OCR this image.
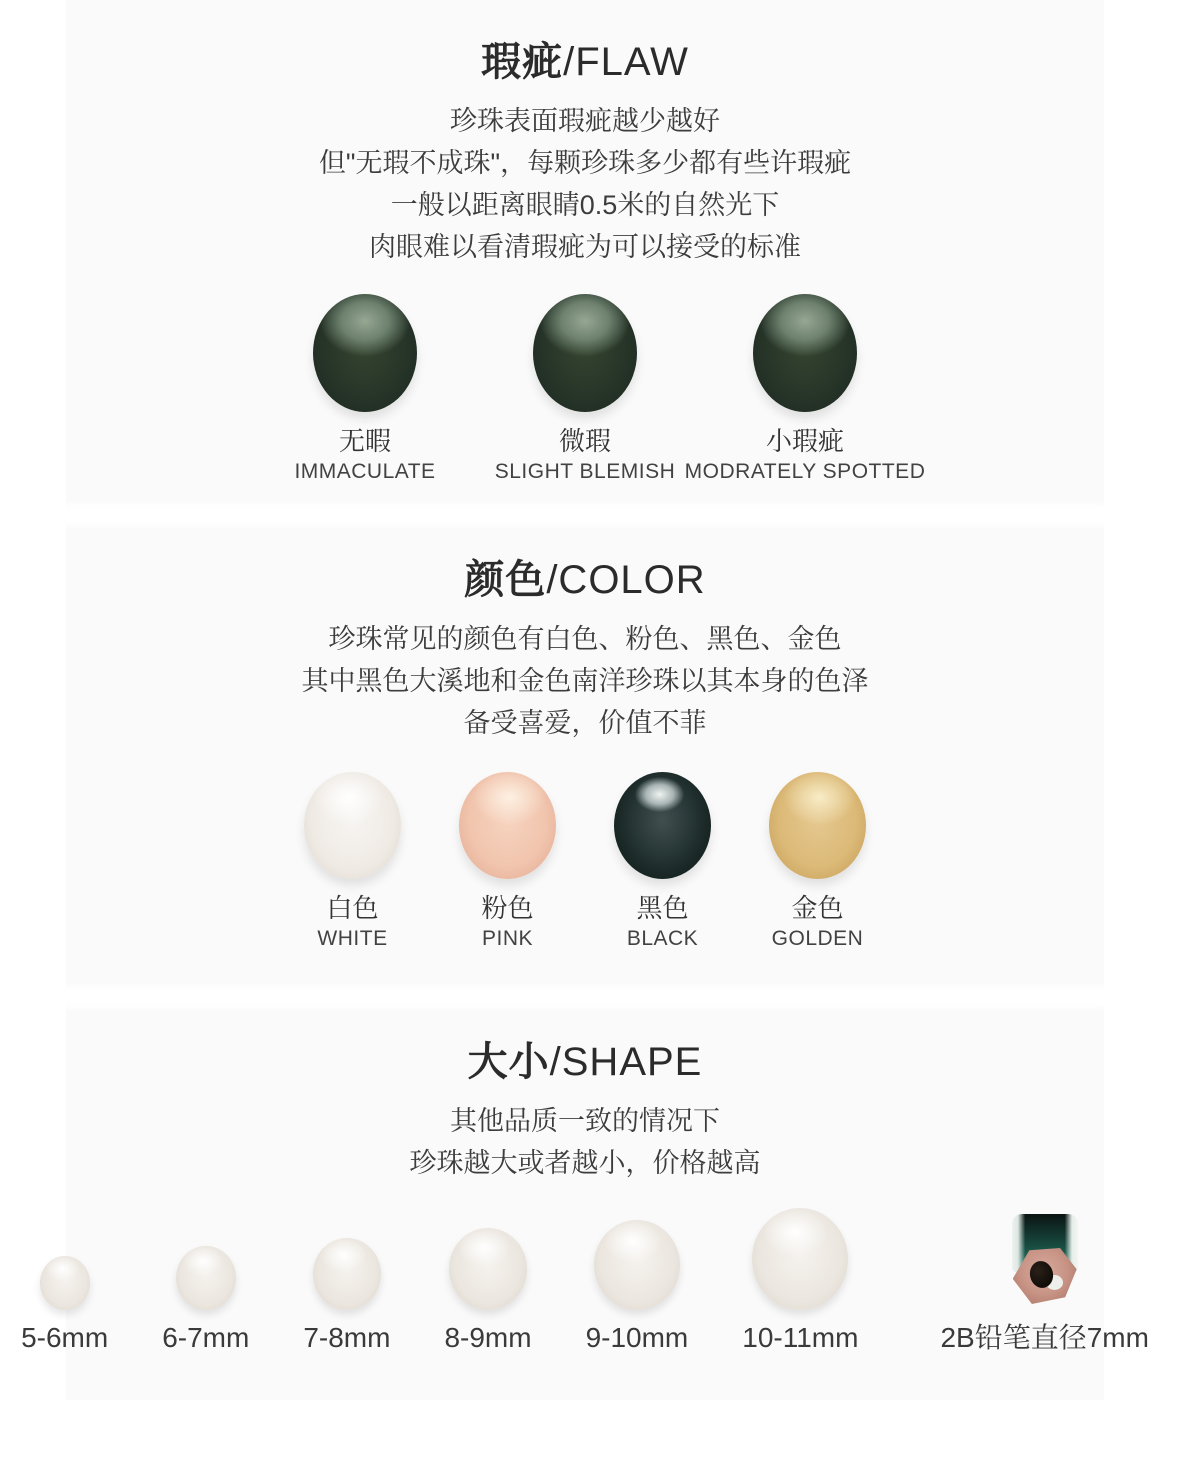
瑕疵/FLAW
珍珠表面瑕疵越少越好
但"无瑕不成珠"，每颗珍珠多少都有些许瑕疵
一般以距离眼睛0.5米的自然光下
肉眼难以看清瑕疵为可以接受的标准
无暇
IMMACULATE
微瑕
SLIGHT BLEMISH
小瑕疵
MODRATELY SPOTTED
颜色/COLOR
珍珠常见的颜色有白色、粉色、黑色、金色
其中黑色大溪地和金色南洋珍珠以其本身的色泽
备受喜爱，价值不菲
白色
WHITE
粉色
PINK
黑色
BLACK
金色
GOLDEN
大小/SHAPE
其他品质一致的情况下
珍珠越大或者越小，价格越高
5-6mm 6-7mm 7-8mm 8-9mm 9-10mm 10-11mm	2B铅笔直径7mm
